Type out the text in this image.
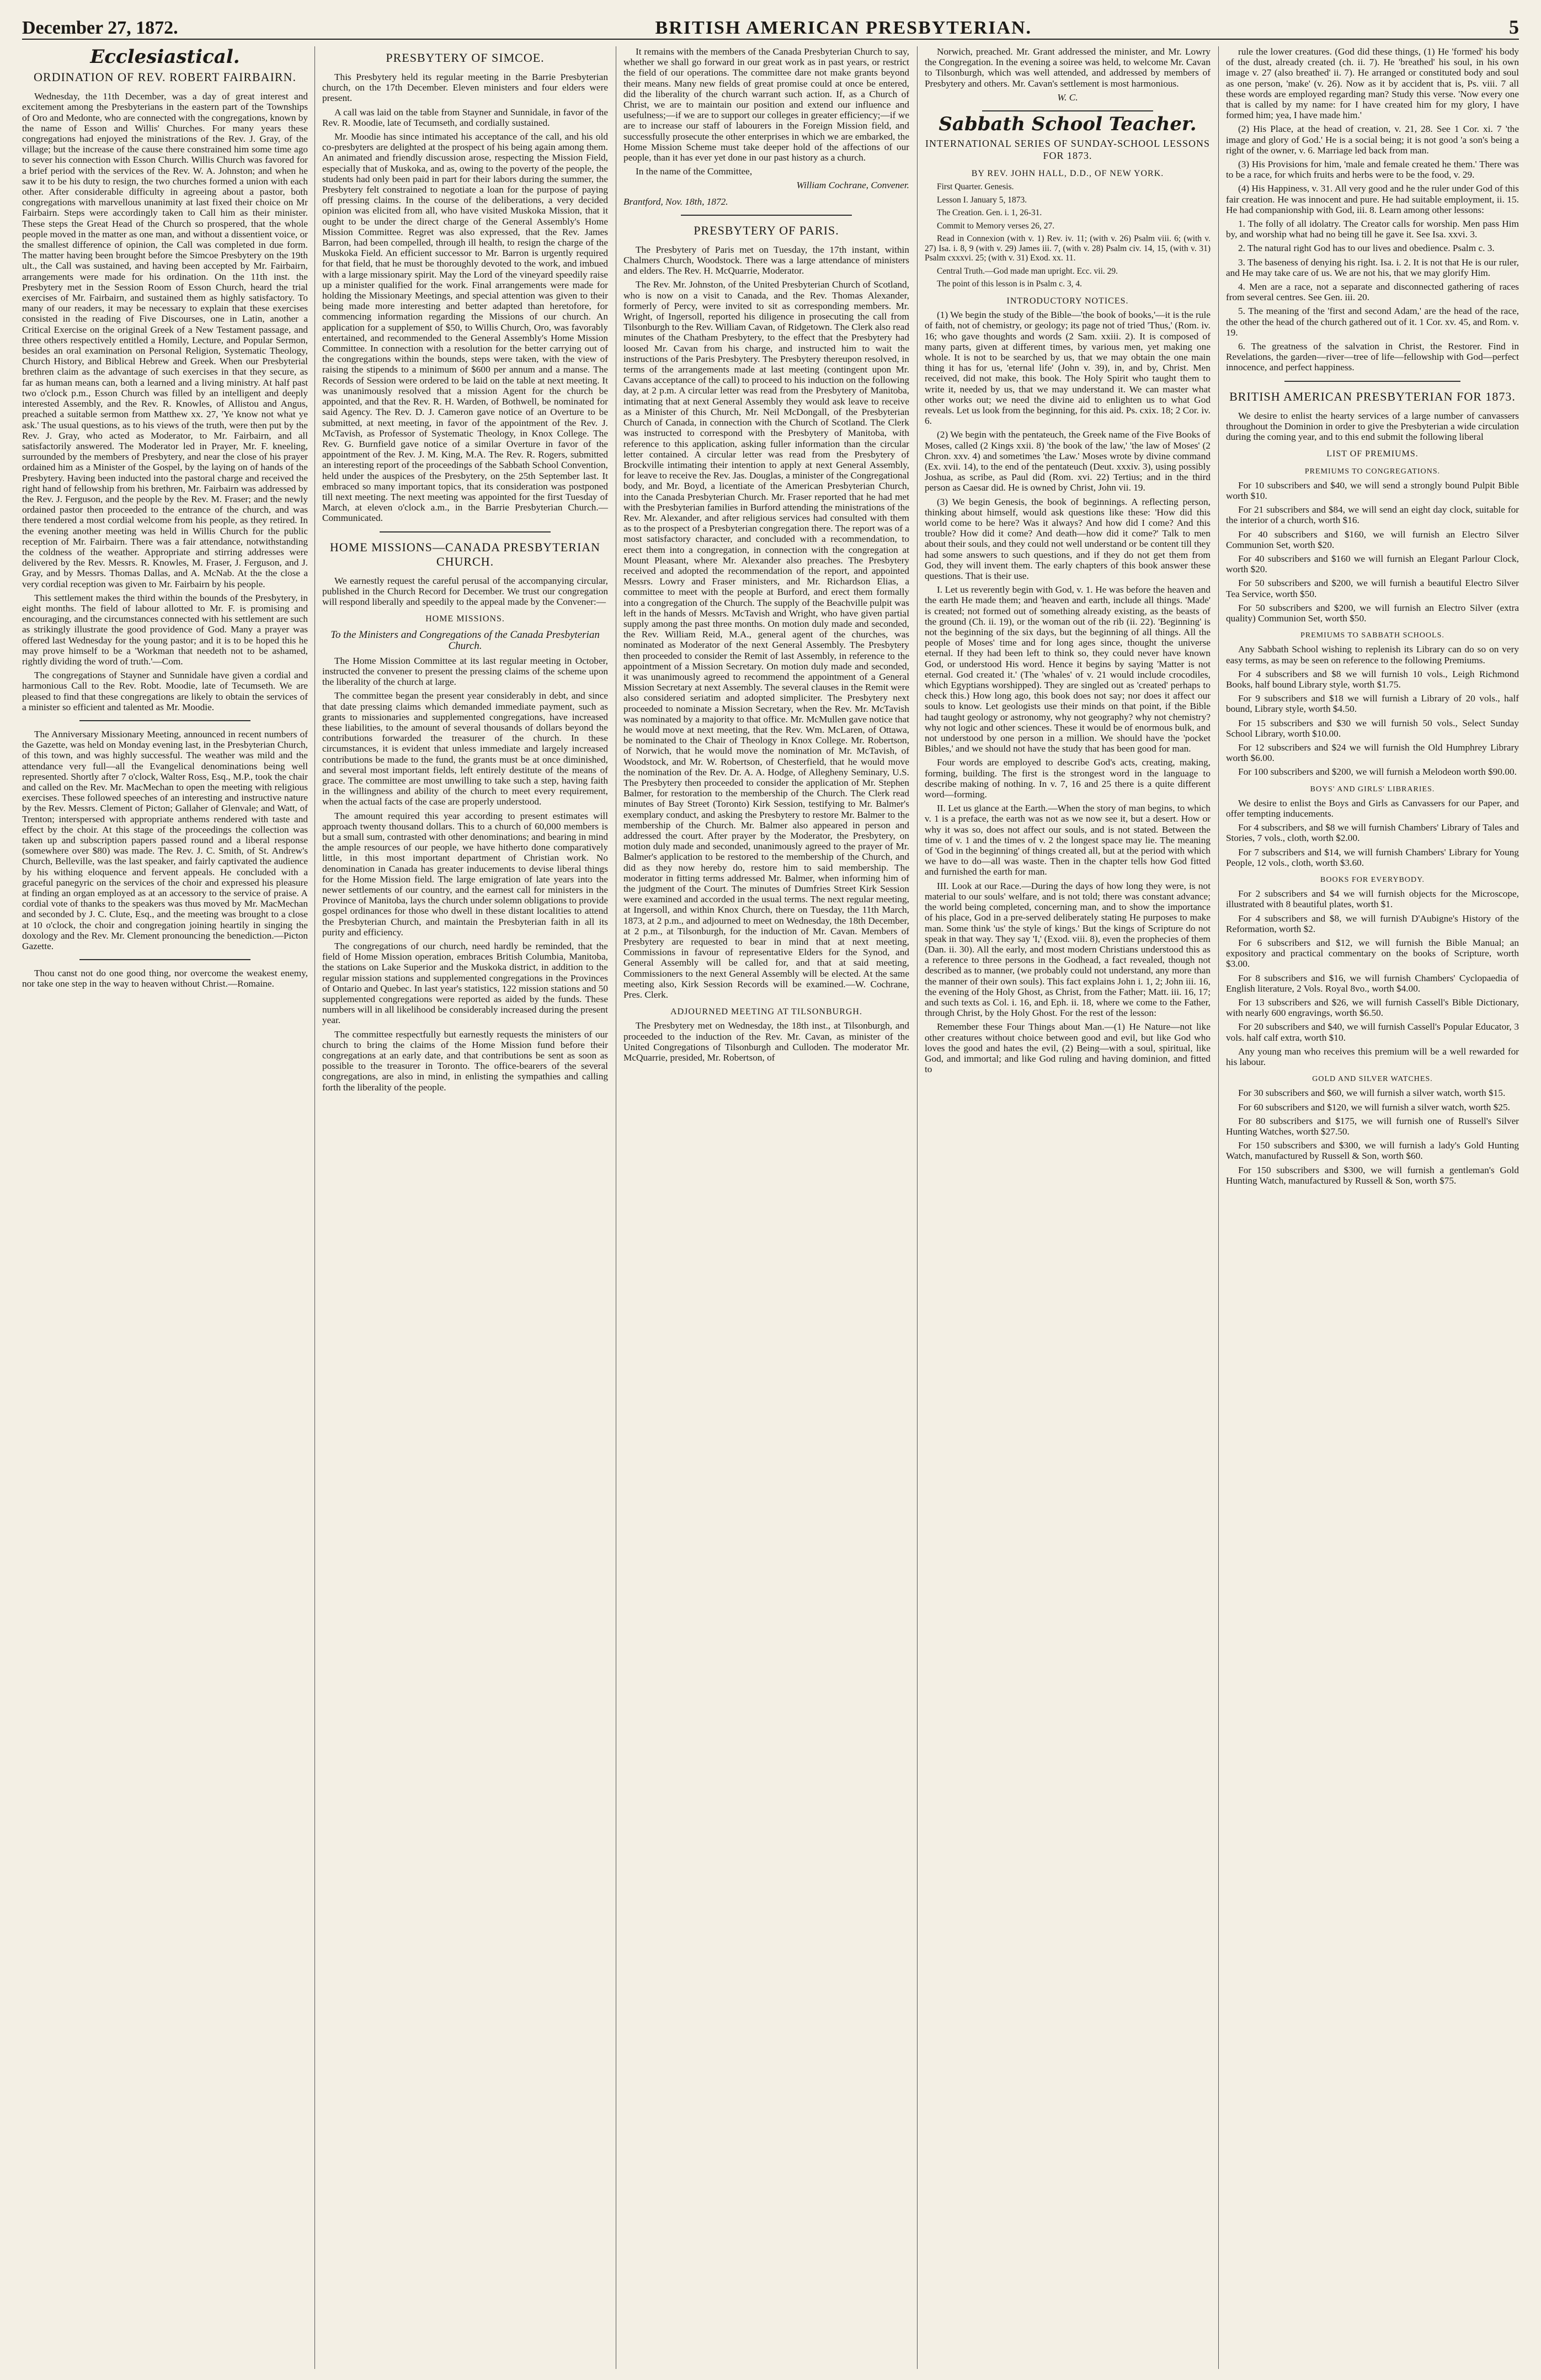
December 27, 1872.	BRITISH AMERICAN PRESBYTERIAN.	5
Ecclesiastical.
ORDINATION OF REV. ROBERT FAIRBAIRN.

Wednesday, the 11th December, was a day of great interest and excitement among the Presbyterians in the eastern part of the Townships of Oro and Medonte, who are connected with the congregations, known by the name of Esson and Willis' Churches. For many years these congregations had enjoyed the ministrations of the Rev. J. Gray, of the village; but the increase of the cause there constrained him some time ago to sever his connection with Esson Church. Willis Church was favored for a brief period with the services of the Rev. W. A. Johnston; and when he saw it to be his duty to resign, the two churches formed a union with each other. After considerable difficulty in agreeing about a pastor, both congregations with marvellous unanimity at last fixed their choice on Mr Fairbairn. Steps were accordingly taken to Call him as their minister. These steps the Great Head of the Church so prospered, that the whole people moved in the matter as one man, and without a dissentient voice, or the smallest difference of opinion, the Call was completed in due form. The matter having been brought before the Simcoe Presbytery on the 19th ult., the Call was sustained, and having been accepted by Mr. Fairbairn, arrangements were made for his ordination. On the 11th inst. the Presbytery met in the Session Room of Esson Church, heard the trial exercises of Mr. Fairbairn, and sustained them as highly satisfactory. To many of our readers, it may be necessary to explain that these exercises consisted in the reading of Five Discourses, one in Latin, another a Critical Exercise on the original Greek of a New Testament passage, and three others respectively entitled a Homily, Lecture, and Popular Sermon, besides an oral examination on Personal Religion, Systematic Theology, Church History, and Biblical Hebrew and Greek. When our Presbyterial brethren claim as the advantage of such exercises in that they secure, as far as human means can, both a learned and a living ministry. At half past two o'clock p.m., Esson Church was filled by an intelligent and deeply interested Assembly, and the Rev. R. Knowles, of Allistou and Angus, preached a suitable sermon from Matthew xx. 27, 'Ye know not what ye ask.' The usual questions, as to his views of the truth, were then put by the Rev. J. Gray, who acted as Moderator, to Mr. Fairbairn, and all satisfactorily answered. The Moderator led in Prayer, Mr. F. kneeling, surrounded by the members of Presbytery, and near the close of his prayer ordained him as a Minister of the Gospel, by the laying on of hands of the Presbytery. Having been inducted into the pastoral charge and received the right hand of fellowship from his brethren, Mr. Fairbairn was addressed by the Rev. J. Ferguson, and the people by the Rev. M. Fraser; and the newly ordained pastor then proceeded to the entrance of the church, and was there tendered a most cordial welcome from his people, as they retired. In the evening another meeting was held in Willis Church for the public reception of Mr. Fairbairn. There was a fair attendance, notwithstanding the coldness of the weather. Appropriate and stirring addresses were delivered by the Rev. Messrs. R. Knowles, M. Fraser, J. Ferguson, and J. Gray, and by Messrs. Thomas Dallas, and A. McNab. At the the close a very cordial reception was given to Mr. Fairbairn by his people.

This settlement makes the third within the bounds of the Presbytery, in eight months. The field of labour allotted to Mr. F. is promising and encouraging, and the circumstances connected with his settlement are such as strikingly illustrate the good providence of God. Many a prayer was offered last Wednesday for the young pastor; and it is to be hoped this he may prove himself to be a 'Workman that needeth not to be ashamed, rightly dividing the word of truth.'—Com.

The congregations of Stayner and Sunnidale have given a cordial and harmonious Call to the Rev. Robt. Moodie, late of Tecumseth. We are pleased to find that these congregations are likely to obtain the services of a minister so efficient and talented as Mr. Moodie.

The Anniversary Missionary Meeting, announced in recent numbers of the Gazette, was held on Monday evening last, in the Presbyterian Church, of this town, and was highly successful. The weather was mild and the attendance very full—all the Evangelical denominations being well represented. Shortly after 7 o'clock, Walter Ross, Esq., M.P., took the chair and called on the Rev. Mr. MacMechan to open the meeting with religious exercises. These followed speeches of an interesting and instructive nature by the Rev. Messrs. Clement of Picton; Gallaher of Glenvale; and Watt, of Trenton; interspersed with appropriate anthems rendered with taste and effect by the choir. At this stage of the proceedings the collection was taken up and subscription papers passed round and a liberal response (somewhere over $80) was made. The Rev. J. C. Smith, of St. Andrew's Church, Belleville, was the last speaker, and fairly captivated the audience by his withing eloquence and fervent appeals. He concluded with a graceful panegyric on the services of the choir and expressed his pleasure at finding an organ employed as at an accessory to the service of praise. A cordial vote of thanks to the speakers was thus moved by Mr. MacMechan and seconded by J. C. Clute, Esq., and the meeting was brought to a close at 10 o'clock, the choir and congregation joining heartily in singing the doxology and the Rev. Mr. Clement pronouncing the benediction.—Picton Gazette.

Thou canst not do one good thing, nor overcome the weakest enemy, nor take one step in the way to heaven without Christ.—Romaine.

PRESBYTERY OF SIMCOE.

This Presbytery held its regular meeting in the Barrie Presbyterian church, on the 17th December. Eleven ministers and four elders were present.

A call was laid on the table from Stayner and Sunnidale, in favor of the Rev. R. Moodie, late of Tecumseth, and cordially sustained.

Mr. Moodie has since intimated his acceptance of the call, and his old co-presbyters are delighted at the prospect of his being again among them. An animated and friendly discussion arose, respecting the Mission Field, especially that of Muskoka, and as, owing to the poverty of the people, the students had only been paid in part for their labors during the summer, the Presbytery felt constrained to negotiate a loan for the purpose of paying off pressing claims. In the course of the deliberations, a very decided opinion was elicited from all, who have visited Muskoka Mission, that it ought to be under the direct charge of the General Assembly's Home Mission Committee. Regret was also expressed, that the Rev. James Barron, had been compelled, through ill health, to resign the charge of the Muskoka Field. An efficient successor to Mr. Barron is urgently required for that field, that he must be thoroughly devoted to the work, and imbued with a large missionary spirit. May the Lord of the vineyard speedily raise up a minister qualified for the work. Final arrangements were made for holding the Missionary Meetings, and special attention was given to their being made more interesting and better adapted than heretofore, for commencing information regarding the Missions of our church. An application for a supplement of $50, to Willis Church, Oro, was favorably entertained, and recommended to the General Assembly's Home Mission Committee. In connection with a resolution for the better carrying out of the congregations within the bounds, steps were taken, with the view of raising the stipends to a minimum of $600 per annum and a manse. The Records of Session were ordered to be laid on the table at next meeting. It was unanimously resolved that a mission Agent for the church be appointed, and that the Rev. R. H. Warden, of Bothwell, be nominated for said Agency. The Rev. D. J. Cameron gave notice of an Overture to be submitted, at next meeting, in favor of the appointment of the Rev. J. McTavish, as Professor of Systematic Theology, in Knox College. The Rev. G. Burnfield gave notice of a similar Overture in favor of the appointment of the Rev. J. M. King, M.A. The Rev. R. Rogers, submitted an interesting report of the proceedings of the Sabbath School Convention, held under the auspices of the Presbytery, on the 25th September last. It embraced so many important topics, that its consideration was postponed till next meeting. The next meeting was appointed for the first Tuesday of March, at eleven o'clock a.m., in the Barrie Presbyterian Church.—Communicated.

HOME MISSIONS—CANADA PRESBYTERIAN CHURCH.

We earnestly request the careful perusal of the accompanying circular, published in the Church Record for December. We trust our congregation will respond liberally and speedily to the appeal made by the Convener:—

HOME MISSIONS.
To the Ministers and Congregations of the Canada Presbyterian Church.

The Home Mission Committee at its last regular meeting in October, instructed the convener to present the pressing claims of the scheme upon the liberality of the church at large.

The committee began the present year considerably in debt, and since that date pressing claims which demanded immediate payment, such as grants to missionaries and supplemented congregations, have increased these liabilities, to the amount of several thousands of dollars beyond the contributions forwarded the treasurer of the church. In these circumstances, it is evident that unless immediate and largely increased contributions be made to the fund, the grants must be at once diminished, and several most important fields, left entirely destitute of the means of grace. The committee are most unwilling to take such a step, having faith in the willingness and ability of the church to meet every requirement, when the actual facts of the case are properly understood.

The amount required this year according to present estimates will approach twenty thousand dollars. This to a church of 60,000 members is but a small sum, contrasted with other denominations; and bearing in mind the ample resources of our people, we have hitherto done comparatively little, in this most important department of Christian work. No denomination in Canada has greater inducements to devise liberal things for the Home Mission field. The large emigration of late years into the newer settlements of our country, and the earnest call for ministers in the Province of Manitoba, lays the church under solemn obligations to provide gospel ordinances for those who dwell in these distant localities to attend the Presbyterian Church, and maintain the Presbyterian faith in all its purity and efficiency.

The congregations of our church, need hardly be reminded, that the field of Home Mission operation, embraces British Columbia, Manitoba, the stations on Lake Superior and the Muskoka district, in addition to the regular mission stations and supplemented congregations in the Provinces of Ontario and Quebec. In last year's statistics, 122 mission stations and 50 supplemented congregations were reported as aided by the funds. These numbers will in all likelihood be considerably increased during the present year.

The committee respectfully but earnestly requests the ministers of our church to bring the claims of the Home Mission fund before their congregations at an early date, and that contributions be sent as soon as possible to the treasurer in Toronto. The office-bearers of the several congregations, are also in mind, in enlisting the sympathies and calling forth the liberality of the people.

It remains with the members of the Canada Presbyterian Church to say, whether we shall go forward in our great work as in past years, or restrict the field of our operations. The committee dare not make grants beyond their means. Many new fields of great promise could at once be entered, did the liberality of the church warrant such action. If, as a Church of Christ, we are to maintain our position and extend our influence and usefulness;—if we are to support our colleges in greater efficiency;—if we are to increase our staff of labourers in the Foreign Mission field, and successfully prosecute the other enterprises in which we are embarked, the Home Mission Scheme must take deeper hold of the affections of our people, than it has ever yet done in our past history as a church.

In the name of the Committee,

William Cochrane, Convener.
Brantford, Nov. 18th, 1872.
PRESBYTERY OF PARIS.

The Presbytery of Paris met on Tuesday, the 17th instant, within Chalmers Church, Woodstock. There was a large attendance of ministers and elders. The Rev. H. McQuarrie, Moderator.

The Rev. Mr. Johnston, of the United Presbyterian Church of Scotland, who is now on a visit to Canada, and the Rev. Thomas Alexander, formerly of Percy, were invited to sit as corresponding members. Mr. Wright, of Ingersoll, reported his diligence in prosecuting the call from Tilsonburgh to the Rev. William Cavan, of Ridgetown. The Clerk also read minutes of the Chatham Presbytery, to the effect that the Presbytery had loosed Mr. Cavan from his charge, and instructed him to wait the instructions of the Paris Presbytery. The Presbytery thereupon resolved, in terms of the arrangements made at last meeting (contingent upon Mr. Cavans acceptance of the call) to proceed to his induction on the following day, at 2 p.m. A circular letter was read from the Presbytery of Manitoba, intimating that at next General Assembly they would ask leave to receive as a Minister of this Church, Mr. Neil McDongall, of the Presbyterian Church of Canada, in connection with the Church of Scotland. The Clerk was instructed to correspond with the Presbytery of Manitoba, with reference to this application, asking fuller information than the circular letter contained. A circular letter was read from the Presbytery of Brockville intimating their intention to apply at next General Assembly, for leave to receive the Rev. Jas. Douglas, a minister of the Congregational body, and Mr. Boyd, a licentiate of the American Presbyterian Church, into the Canada Presbyterian Church. Mr. Fraser reported that he had met with the Presbyterian families in Burford attending the ministrations of the Rev. Mr. Alexander, and after religious services had consulted with them as to the prospect of a Presbyterian congregation there. The report was of a most satisfactory character, and concluded with a recommendation, to erect them into a congregation, in connection with the congregation at Mount Pleasant, where Mr. Alexander also preaches. The Presbytery received and adopted the recommendation of the report, and appointed Messrs. Lowry and Fraser ministers, and Mr. Richardson Elias, a committee to meet with the people at Burford, and erect them formally into a congregation of the Church. The supply of the Beachville pulpit was left in the hands of Messrs. McTavish and Wright, who have given partial supply among the past three months. On motion duly made and seconded, the Rev. William Reid, M.A., general agent of the churches, was nominated as Moderator of the next General Assembly. The Presbytery then proceeded to consider the Remit of last Assembly, in reference to the appointment of a Mission Secretary. On motion duly made and seconded, it was unanimously agreed to recommend the appointment of a General Mission Secretary at next Assembly. The several clauses in the Remit were also considered seriatim and adopted simpliciter. The Presbytery next proceeded to nominate a Mission Secretary, when the Rev. Mr. McTavish was nominated by a majority to that office. Mr. McMullen gave notice that he would move at next meeting, that the Rev. Wm. McLaren, of Ottawa, be nominated to the Chair of Theology in Knox College. Mr. Robertson, of Norwich, that he would move the nomination of Mr. McTavish, of Woodstock, and Mr. W. Robertson, of Chesterfield, that he would move the nomination of the Rev. Dr. A. A. Hodge, of Allegheny Seminary, U.S. The Presbytery then proceeded to consider the application of Mr. Stephen Balmer, for restoration to the membership of the Church. The Clerk read minutes of Bay Street (Toronto) Kirk Session, testifying to Mr. Balmer's exemplary conduct, and asking the Presbytery to restore Mr. Balmer to the membership of the Church. Mr. Balmer also appeared in person and addressed the court. After prayer by the Moderator, the Presbytery, on motion duly made and seconded, unanimously agreed to the prayer of Mr. Balmer's application to be restored to the membership of the Church, and did as they now hereby do, restore him to said membership. The moderator in fitting terms addressed Mr. Balmer, when informing him of the judgment of the Court. The minutes of Dumfries Street Kirk Session were examined and accorded in the usual terms. The next regular meeting, at Ingersoll, and within Knox Church, there on Tuesday, the 11th March, 1873, at 2 p.m., and adjourned to meet on Wednesday, the 18th December, at 2 p.m., at Tilsonburgh, for the induction of Mr. Cavan. Members of Presbytery are requested to bear in mind that at next meeting, Commissions in favour of representative Elders for the Synod, and General Assembly will be called for, and that at said meeting, Commissioners to the next General Assembly will be elected. At the same meeting also, Kirk Session Records will be examined.—W. Cochrane, Pres. Clerk.

ADJOURNED MEETING AT TILSONBURGH.

The Presbytery met on Wednesday, the 18th inst., at Tilsonburgh, and proceeded to the induction of the Rev. Mr. Cavan, as minister of the United Congregations of Tilsonburgh and Culloden. The moderator Mr. McQuarrie, presided, Mr. Robertson, of

Norwich, preached. Mr. Grant addressed the minister, and Mr. Lowry the Congregation. In the evening a soiree was held, to welcome Mr. Cavan to Tilsonburgh, which was well attended, and addressed by members of Presbytery and others. Mr. Cavan's settlement is most harmonious.

W. C.
Sabbath School Teacher.
INTERNATIONAL SERIES OF SUNDAY-SCHOOL LESSONS FOR 1873.
BY REV. JOHN HALL, D.D., OF NEW YORK.

First Quarter. Genesis.

Lesson I. January 5, 1873.

The Creation. Gen. i. 1, 26-31.

Commit to Memory verses 26, 27.

Read in Connexion (with v. 1) Rev. iv. 11; (with v. 26) Psalm viii. 6; (with v. 27) Isa. i. 8, 9 (with v. 29) James iii. 7, (with v. 28) Psalm civ. 14, 15, (with v. 31) Psalm cxxxvi. 25; (with v. 31) Exod. xx. 11.

Central Truth.—God made man upright. Ecc. vii. 29.

The point of this lesson is in Psalm c. 3, 4.

INTRODUCTORY NOTICES.

(1) We begin the study of the Bible—'the book of books,'—it is the rule of faith, not of chemistry, or geology; its page not of tried 'Thus,' (Rom. iv. 16; who gave thoughts and words (2 Sam. xxiii. 2). It is composed of many parts, given at different times, by various men, yet making one whole. It is not to be searched by us, that we may obtain the one main thing it has for us, 'eternal life' (John v. 39), in, and by, Christ. Men received, did not make, this book. The Holy Spirit who taught them to write it, needed by us, that we may understand it. We can master what other works out; we need the divine aid to enlighten us to what God reveals. Let us look from the beginning, for this aid. Ps. cxix. 18; 2 Cor. iv. 6.

(2) We begin with the pentateuch, the Greek name of the Five Books of Moses, called (2 Kings xxii. 8) 'the book of the law,' 'the law of Moses' (2 Chron. xxv. 4) and sometimes 'the Law.' Moses wrote by divine command (Ex. xvii. 14), to the end of the pentateuch (Deut. xxxiv. 3), using possibly Joshua, as scribe, as Paul did (Rom. xvi. 22) Tertius; and in the third person as Caesar did. He is owned by Christ, John vii. 19.

(3) We begin Genesis, the book of beginnings. A reflecting person, thinking about himself, would ask questions like these: 'How did this world come to be here? Was it always? And how did I come? And this trouble? How did it come? And death—how did it come?' Talk to men about their souls, and they could not well understand or be content till they had some answers to such questions, and if they do not get them from God, they will invent them. The early chapters of this book answer these questions. That is their use.

I. Let us reverently begin with God, v. 1. He was before the heaven and the earth He made them; and 'heaven and earth, include all things. 'Made' is created; not formed out of something already existing, as the beasts of the ground (Ch. ii. 19), or the woman out of the rib (ii. 22). 'Beginning' is not the beginning of the six days, but the beginning of all things. All the people of Moses' time and for long ages since, thought the universe eternal. If they had been left to think so, they could never have known God, or understood His word. Hence it begins by saying 'Matter is not eternal. God created it.' (The 'whales' of v. 21 would include crocodiles, which Egyptians worshipped). They are singled out as 'created' perhaps to check this.) How long ago, this book does not say; nor does it affect our souls to know. Let geologists use their minds on that point, if the Bible had taught geology or astronomy, why not geography? why not chemistry? why not logic and other sciences. These it would be of enormous bulk, and not understood by one person in a million. We should have the 'pocket Bibles,' and we should not have the study that has been good for man.

Four words are employed to describe God's acts, creating, making, forming, building. The first is the strongest word in the language to describe making of nothing. In v. 7, 16 and 25 there is a quite different word—forming.

II. Let us glance at the Earth.—When the story of man begins, to which v. 1 is a preface, the earth was not as we now see it, but a desert. How or why it was so, does not affect our souls, and is not stated. Between the time of v. 1 and the times of v. 2 the longest space may lie. The meaning of 'God in the beginning' of things created all, but at the period with which we have to do—all was waste. Then in the chapter tells how God fitted and furnished the earth for man.

III. Look at our Race.—During the days of how long they were, is not material to our souls' welfare, and is not told; there was constant advance; the world being completed, concerning man, and to show the importance of his place, God in a pre-served deliberately stating He purposes to make man. Some think 'us' the style of kings.' But the kings of Scripture do not speak in that way. They say 'I,' (Exod. viii. 8), even the prophecies of them (Dan. ii. 30). All the early, and most modern Christians understood this as a reference to three persons in the Godhead, a fact revealed, though not described as to manner, (we probably could not understand, any more than the manner of their own souls). This fact explains John i. 1, 2; John iii. 16, the evening of the Holy Ghost, as Christ, from the Father; Matt. iii. 16, 17; and such texts as Col. i. 16, and Eph. ii. 18, where we come to the Father, through Christ, by the Holy Ghost. For the rest of the lesson:

Remember these Four Things about Man.—(1) He Nature—not like other creatures without choice between good and evil, but like God who loves the good and hates the evil, (2) Being—with a soul, spiritual, like God, and immortal; and like God ruling and having dominion, and fitted to

rule the lower creatures. (God did these things, (1) He 'formed' his body of the dust, already created (ch. ii. 7). He 'breathed' his soul, in his own image v. 27 (also breathed' ii. 7). He arranged or constituted body and soul as one person, 'make' (v. 26). Now as it by accident that is, Ps. viii. 7 all these words are employed regarding man? Study this verse. 'Now every one that is called by my name: for I have created him for my glory, I have formed him; yea, I have made him.'

(2) His Place, at the head of creation, v. 21, 28. See 1 Cor. xi. 7 'the image and glory of God.' He is a social being; it is not good 'a son's being a right of the owner, v. 6. Marriage led back from man.

(3) His Provisions for him, 'male and female created he them.' There was to be a race, for which fruits and herbs were to be the food, v. 29.

(4) His Happiness, v. 31. All very good and he the ruler under God of this fair creation. He was innocent and pure. He had suitable employment, ii. 15. He had companionship with God, iii. 8. Learn among other lessons:

1. The folly of all idolatry. The Creator calls for worship. Men pass Him by, and worship what had no being till he gave it. See Isa. xxvi. 3.

2. The natural right God has to our lives and obedience. Psalm c. 3.

3. The baseness of denying his right. Isa. i. 2. It is not that He is our ruler, and He may take care of us. We are not his, that we may glorify Him.

4. Men are a race, not a separate and disconnected gathering of races from several centres. See Gen. iii. 20.

5. The meaning of the 'first and second Adam,' are the head of the race, the other the head of the church gathered out of it. 1 Cor. xv. 45, and Rom. v. 19.

6. The greatness of the salvation in Christ, the Restorer. Find in Revelations, the garden—river—tree of life—fellowship with God—perfect innocence, and perfect happiness.

BRITISH AMERICAN PRESBYTERIAN FOR 1873.

We desire to enlist the hearty services of a large number of canvassers throughout the Dominion in order to give the Presbyterian a wide circulation during the coming year, and to this end submit the following liberal

LIST OF PREMIUMS.
PREMIUMS TO CONGREGATIONS.

For 10 subscribers and $40, we will send a strongly bound Pulpit Bible worth $10.

For 21 subscribers and $84, we will send an eight day clock, suitable for the interior of a church, worth $16.

For 40 subscribers and $160, we will furnish an Electro Silver Communion Set, worth $20.

For 40 subscribers and $160 we will furnish an Elegant Parlour Clock, worth $20.

For 50 subscribers and $200, we will furnish a beautiful Electro Silver Tea Service, worth $50.

For 50 subscribers and $200, we will furnish an Electro Silver (extra quality) Communion Set, worth $50.

PREMIUMS TO SABBATH SCHOOLS.

Any Sabbath School wishing to replenish its Library can do so on very easy terms, as may be seen on reference to the following Premiums.

For 4 subscribers and $8 we will furnish 10 vols., Leigh Richmond Books, half bound Library style, worth $1.75.

For 9 subscribers and $18 we will furnish a Library of 20 vols., half bound, Library style, worth $4.50.

For 15 subscribers and $30 we will furnish 50 vols., Select Sunday School Library, worth $10.00.

For 12 subscribers and $24 we will furnish the Old Humphrey Library worth $6.00.

For 100 subscribers and $200, we will furnish a Melodeon worth $90.00.

BOYS' AND GIRLS' LIBRARIES.

We desire to enlist the Boys and Girls as Canvassers for our Paper, and offer tempting inducements.

For 4 subscribers, and $8 we will furnish Chambers' Library of Tales and Stories, 7 vols., cloth, worth $2.00.

For 7 subscribers and $14, we will furnish Chambers' Library for Young People, 12 vols., cloth, worth $3.60.

BOOKS FOR EVERYBODY.

For 2 subscribers and $4 we will furnish objects for the Microscope, illustrated with 8 beautiful plates, worth $1.

For 4 subscribers and $8, we will furnish D'Aubigne's History of the Reformation, worth $2.

For 6 subscribers and $12, we will furnish the Bible Manual; an expository and practical commentary on the books of Scripture, worth $3.00.

For 8 subscribers and $16, we will furnish Chambers' Cyclopaedia of English literature, 2 Vols. Royal 8vo., worth $4.00.

For 13 subscribers and $26, we will furnish Cassell's Bible Dictionary, with nearly 600 engravings, worth $6.50.

For 20 subscribers and $40, we will furnish Cassell's Popular Educator, 3 vols. half calf extra, worth $10.

Any young man who receives this premium will be a well rewarded for his labour.

GOLD AND SILVER WATCHES.

For 30 subscribers and $60, we will furnish a silver watch, worth $15.

For 60 subscribers and $120, we will furnish a silver watch, worth $25.

For 80 subscribers and $175, we will furnish one of Russell's Silver Hunting Watches, worth $27.50.

For 150 subscribers and $300, we will furnish a lady's Gold Hunting Watch, manufactured by Russell & Son, worth $60.

For 150 subscribers and $300, we will furnish a gentleman's Gold Hunting Watch, manufactured by Russell & Son, worth $75.
